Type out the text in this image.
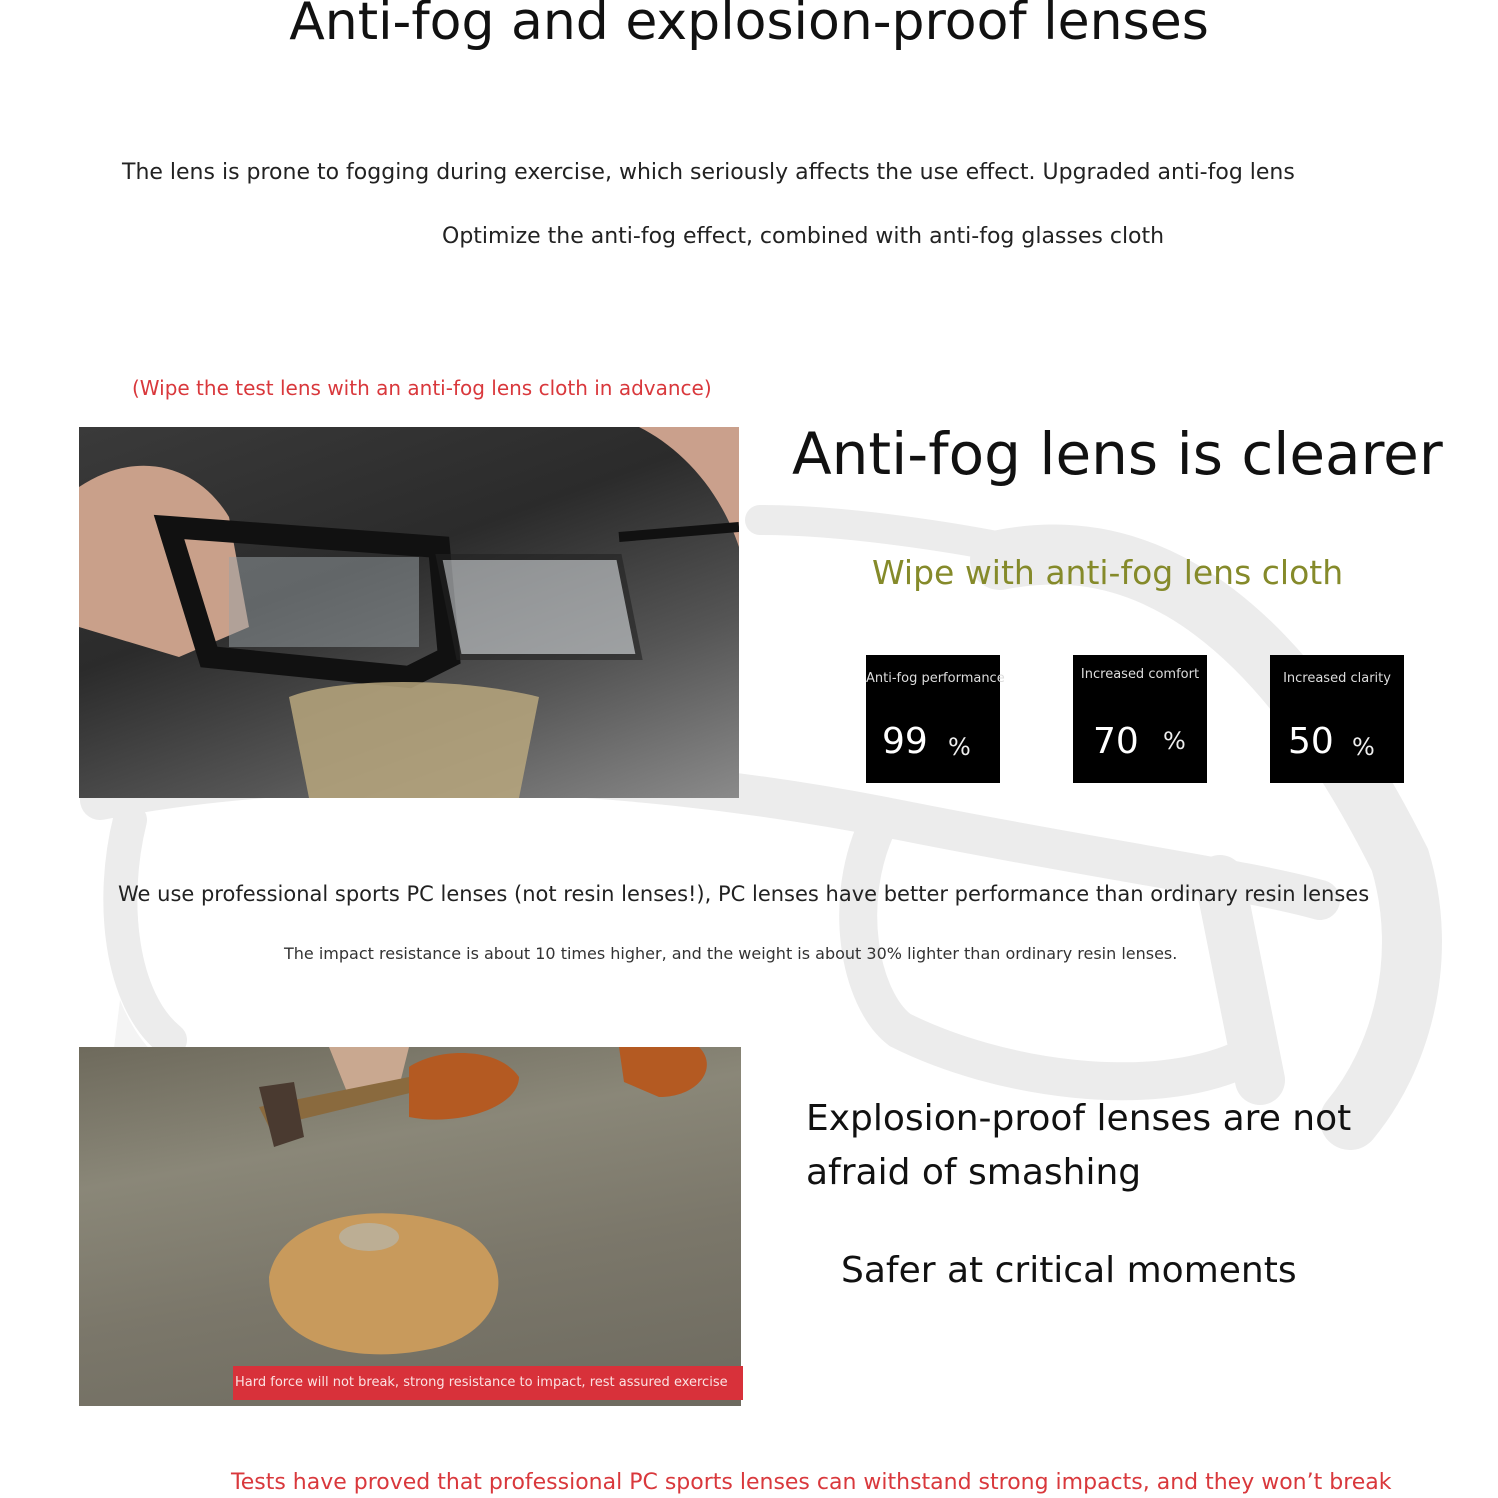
Anti-fog and explosion-proof lenses
The lens is prone to fogging during exercise, which seriously affects the use effect. Upgraded anti-fog lens
Optimize the anti-fog effect, combined with anti-fog glasses cloth
(Wipe the test lens with an anti-fog lens cloth in advance)
Anti-fog lens is clearer
Wipe with anti-fog lens cloth
Anti-fog performance
99 %
Increased comfort
70 %
Increased clarity
50 %
We use professional sports PC lenses (not resin lenses!), PC lenses have better performance than ordinary resin lenses
The impact resistance is about 10 times higher, and the weight is about 30% lighter than ordinary resin lenses.
Hard force will not break, strong resistance to impact, rest assured exercise
Explosion-proof lenses are not
afraid of smashing
Safer at critical moments
Tests have proved that professional PC sports lenses can withstand strong impacts, and they won’t break
